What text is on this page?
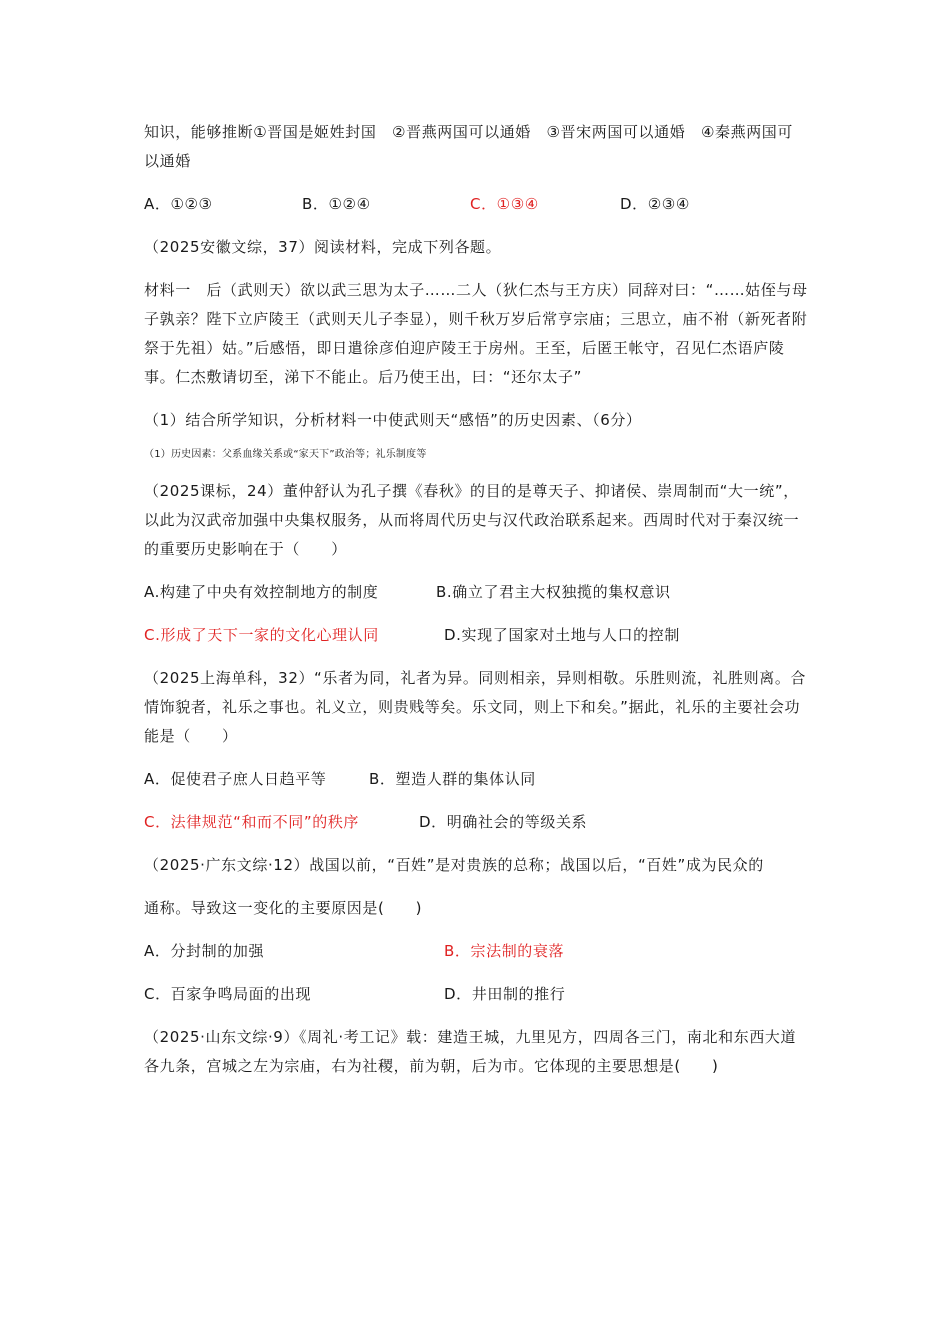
知识，能够推断①晋国是姬姓封国　②晋燕两国可以通婚　③晋宋两国可以通婚　④秦燕两国可以通婚

A．①②③	B．①②④	C．①③④	D．②③④

（2025安徽文综，37）阅读材料，完成下列各题。

材料一　后（武则天）欲以武三思为太子……二人（狄仁杰与王方庆）同辞对曰：“……姑侄与母子孰亲？陛下立庐陵王（武则天儿子李显），则千秋万岁后常亨宗庙；三思立，庙不祔（新死者附祭于先祖）姑。”后感悟，即日遣徐彦伯迎庐陵王于房州。王至，后匿王帐守，召见仁杰语庐陵事。仁杰敷请切至，涕下不能止。后乃使王出，曰：“还尔太子”

（1）结合所学知识，分析材料一中使武则天“感悟”的历史因素、（6分）

（1）历史因素：父系血缘关系或“家天下”政治等；礼乐制度等

（2025课标，24）董仲舒认为孔子撰《春秋》的目的是尊天子、抑诸侯、崇周制而“大一统”，以此为汉武帝加强中央集权服务，从而将周代历史与汉代政治联系起来。西周时代对于秦汉统一的重要历史影响在于（　　）

A.构建了中央有效控制地方的制度	B.确立了君主大权独揽的集权意识
C.形成了天下一家的文化心理认同	D.实现了国家对土地与人口的控制

（2025上海单科，32）“乐者为同，礼者为异。同则相亲，异则相敬。乐胜则流，礼胜则离。合情饰貌者，礼乐之事也。礼义立，则贵贱等矣。乐文同，则上下和矣。”据此，礼乐的主要社会功能是（　　）

A．促使君子庶人日趋平等	B．塑造人群的集体认同
C．法律规范“和而不同”的秩序	D．明确社会的等级关系

（2025·广东文综·12）战国以前，“百姓”是对贵族的总称；战国以后，“百姓”成为民众的

通称。导致这一变化的主要原因是(　　)

A．分封制的加强	B．宗法制的衰落
C．百家争鸣局面的出现	D．井田制的推行

（2025·山东文综·9）《周礼·考工记》载：建造王城，九里见方，四周各三门，南北和东西大道各九条，宫城之左为宗庙，右为社稷，前为朝，后为市。它体现的主要思想是(　　)
